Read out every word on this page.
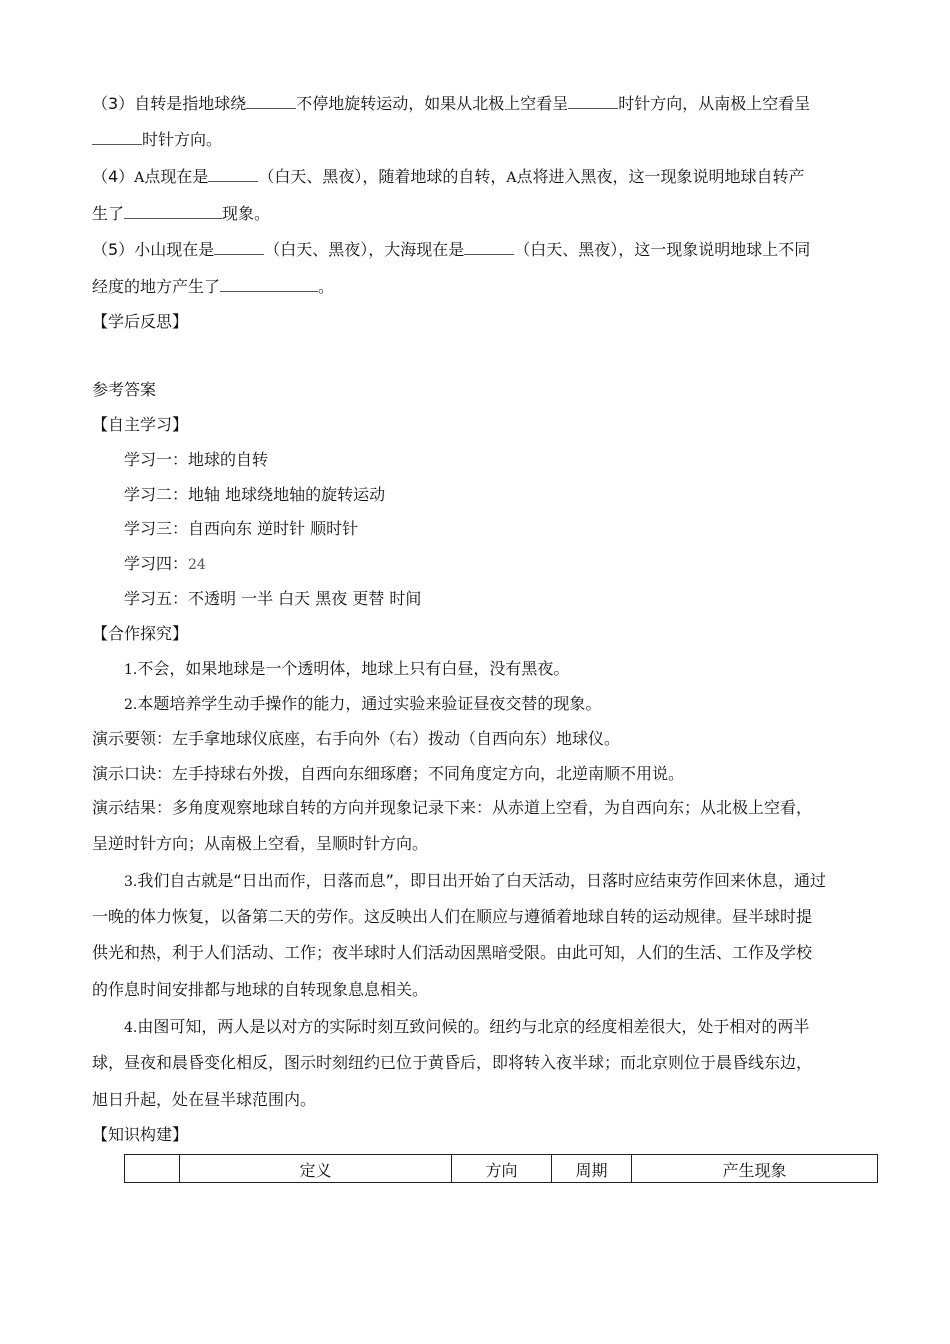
（3）自转是指地球绕	不停地旋转运动，如果从北极上空看呈	时针方向，从南极上空看呈
时针方向。
（4）A点现在是	（白天、黑夜），随着地球的自转，A点将进入黑夜，这一现象说明地球自转产
生了	现象。
（5）小山现在是	（白天、黑夜），大海现在是	（白天、黑夜），这一现象说明地球上不同
经度的地方产生了	。
【学后反思】
参考答案
【自主学习】
学习一：地球的自转
学习二：地轴 地球绕地轴的旋转运动
学习三：自西向东 逆时针 顺时针
学习四：24
学习五：不透明 一半 白天 黑夜 更替 时间
【合作探究】
1.不会，如果地球是一个透明体，地球上只有白昼，没有黑夜。
2.本题培养学生动手操作的能力，通过实验来验证昼夜交替的现象。
演示要领：左手拿地球仪底座，右手向外（右）拨动（自西向东）地球仪。
演示口诀：左手持球右外拨，自西向东细琢磨；不同角度定方向，北逆南顺不用说。
演示结果：多角度观察地球自转的方向并现象记录下来：从赤道上空看，为自西向东；从北极上空看，
呈逆时针方向；从南极上空看，呈顺时针方向。
3.我们自古就是“日出而作，日落而息”，即日出开始了白天活动，日落时应结束劳作回来休息，通过
一晚的体力恢复，以备第二天的劳作。这反映出人们在顺应与遵循着地球自转的运动规律。昼半球时提
供光和热，利于人们活动、工作；夜半球时人们活动因黑暗受限。由此可知，人们的生活、工作及学校
的作息时间安排都与地球的自转现象息息相关。
4.由图可知，两人是以对方的实际时刻互致问候的。纽约与北京的经度相差很大，处于相对的两半
球，昼夜和晨昏变化相反，图示时刻纽约已位于黄昏后，即将转入夜半球；而北京则位于晨昏线东边，
旭日升起，处在昼半球范围内。
【知识构建】
	定义	方向	周期	产生现象
